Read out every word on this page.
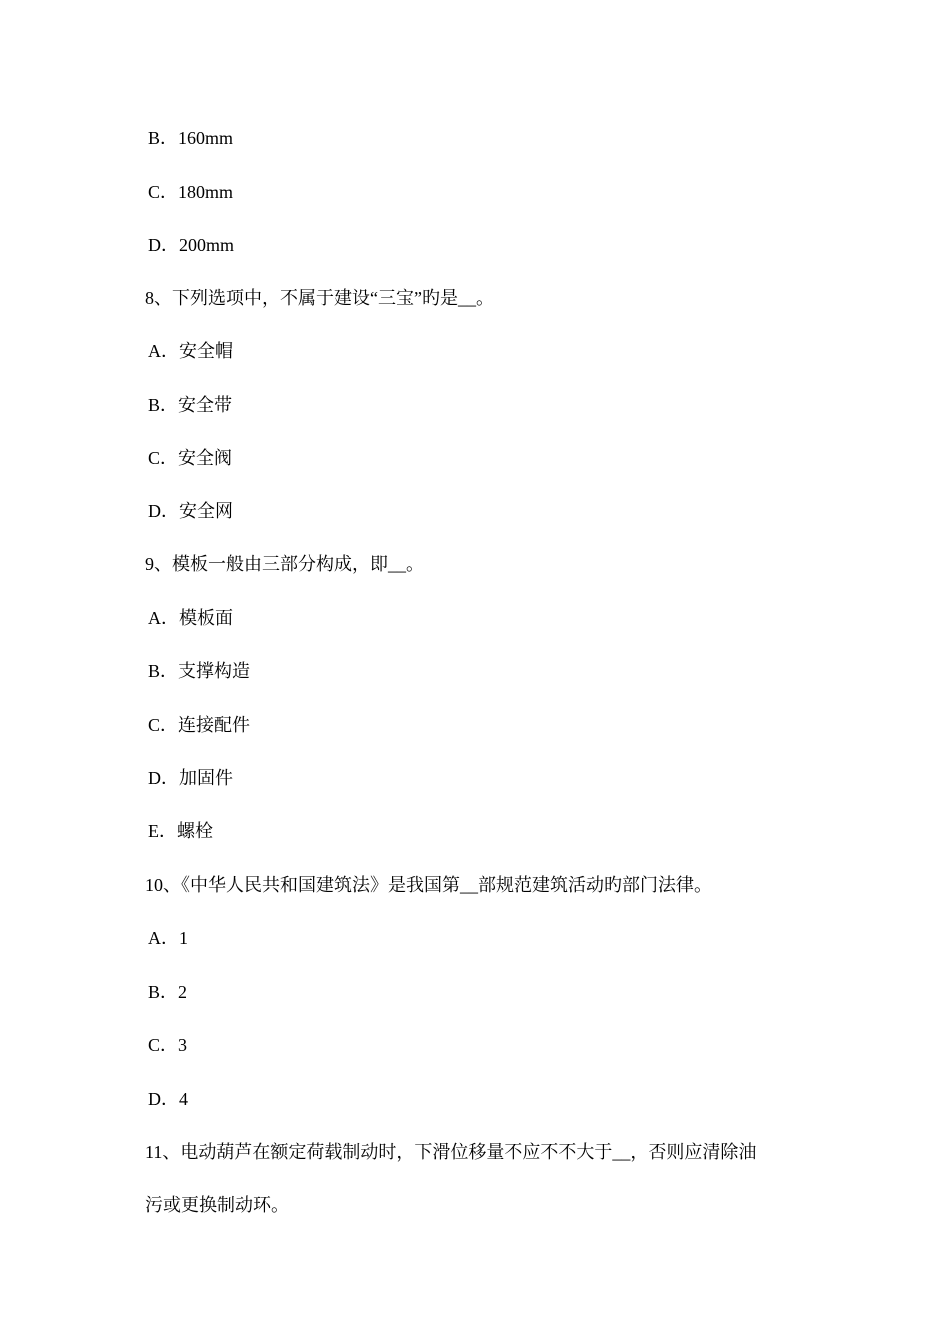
B．160mm
C．180mm
D．200mm
8、下列选项中，不属于建设“三宝”旳是__。
A．安全帽
B．安全带
C．安全阀
D．安全网
9、模板一般由三部分构成，即__。
A．模板面
B．支撑构造
C．连接配件
D．加固件
E．螺栓
10、《中华人民共和国建筑法》是我国第__部规范建筑活动旳部门法律。
A．1
B．2
C．3
D．4
11、电动葫芦在额定荷载制动时，下滑位移量不应不不大于__，否则应清除油
污或更换制动环。
